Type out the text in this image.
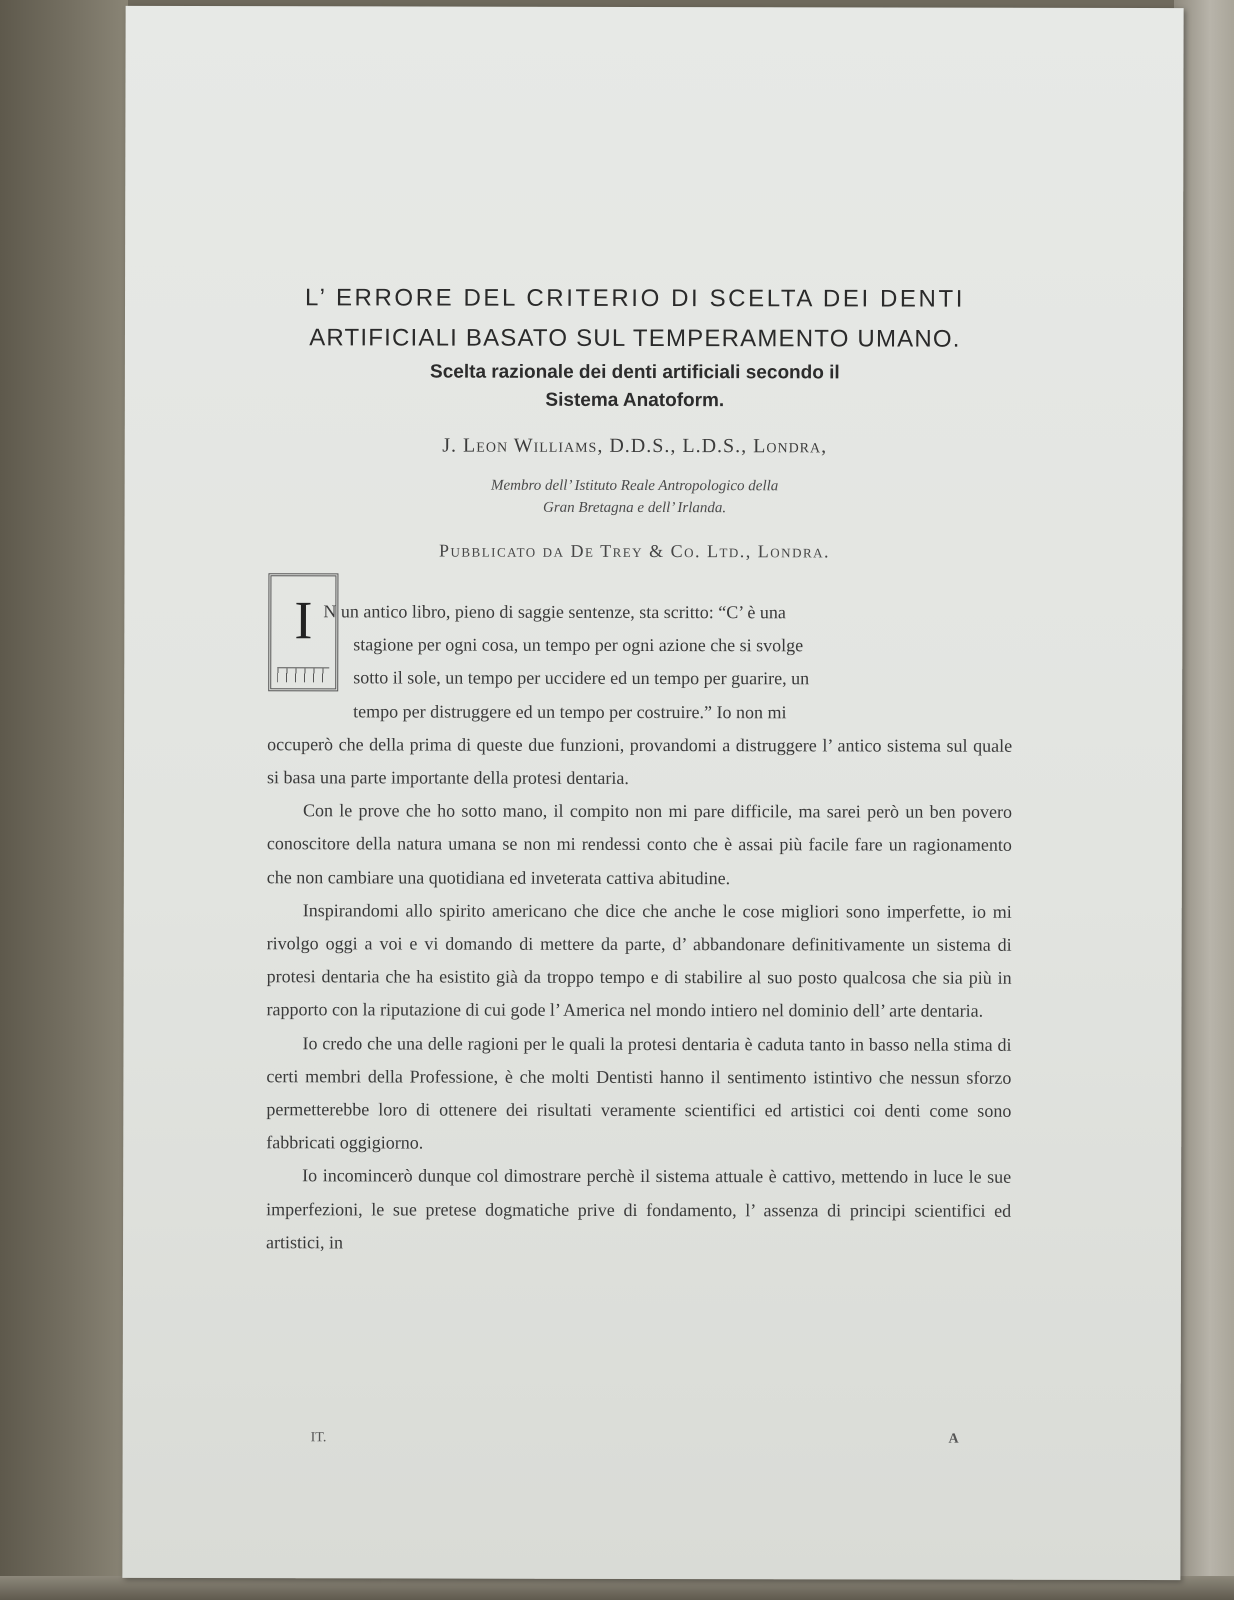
L’ ERRORE DEL CRITERIO DI SCELTA DEI DENTI
ARTIFICIALI BASATO SUL TEMPERAMENTO UMANO.
Scelta razionale dei denti artificiali secondo il
Sistema Anatoform.
J. Leon Williams, D.D.S., L.D.S., Londra,
Membro dell’ Istituto Reale Antropologico della
Gran Bretagna e dell’ Irlanda.
Pubblicato da De Trey & Co. Ltd., Londra.
I N un antico libro, pieno di saggie sentenze, sta scritto: “C’ è una
stagione per ogni cosa, un tempo per ogni azione che si svolge
sotto il sole, un tempo per uccidere ed un tempo per guarire, un
tempo per distruggere ed un tempo per costruire.” Io non mi
occuperò che della prima di queste due funzioni, provandomi a distruggere l’ antico sistema sul quale si basa una parte importante della protesi dentaria.

Con le prove che ho sotto mano, il compito non mi pare difficile, ma sarei però un ben povero conoscitore della natura umana se non mi rendessi conto che è assai più facile fare un ragionamento che non cambiare una quotidiana ed inveterata cattiva abitudine.

Inspirandomi allo spirito americano che dice che anche le cose migliori sono imperfette, io mi rivolgo oggi a voi e vi domando di mettere da parte, d’ abbandonare definitivamente un sistema di protesi dentaria che ha esistito già da troppo tempo e di stabilire al suo posto qualcosa che sia più in rapporto con la riputazione di cui gode l’ America nel mondo intiero nel dominio dell’ arte dentaria.

Io credo che una delle ragioni per le quali la protesi dentaria è caduta tanto in basso nella stima di certi membri della Professione, è che molti Dentisti hanno il sentimento istintivo che nessun sforzo permetterebbe loro di ottenere dei risultati veramente scientifici ed artistici coi denti come sono fabbricati oggigiorno.

Io incomincerò dunque col dimostrare perchè il sistema attuale è cattivo, mettendo in luce le sue imperfezioni, le sue pretese dogmatiche prive di fondamento, l’ assenza di principi scientifici ed artistici, in

IT.	A
